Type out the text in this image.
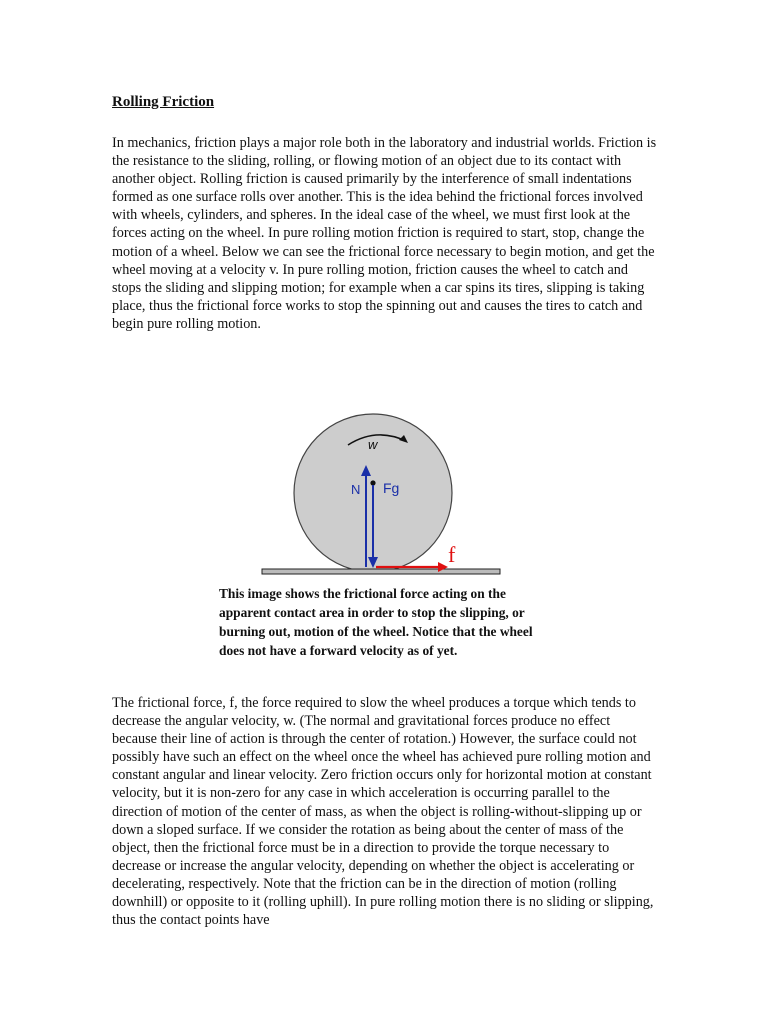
Rolling Friction

In mechanics, friction plays a major role both in the laboratory and industrial worlds. Friction is the resistance to the sliding, rolling, or flowing motion of an object due to its contact with another object. Rolling friction is caused primarily by the interference of small indentations formed as one surface rolls over another. This is the idea behind the frictional forces involved with wheels, cylinders, and spheres. In the ideal case of the wheel, we must first look at the forces acting on the wheel. In pure rolling motion friction is required to start, stop, change the motion of a wheel. Below we can see the frictional force necessary to begin motion, and get the wheel moving at a velocity v. In pure rolling motion, friction causes the wheel to catch and stops the sliding and slipping motion; for example when a car spins its tires, slipping is taking place, thus the frictional force works to stop the spinning out and causes the tires to catch and begin pure rolling motion.

w
N Fg
f

This image shows the frictional force acting on the apparent contact area in order to stop the slipping, or burning out, motion of the wheel. Notice that the wheel does not have a forward velocity as of yet.

The frictional force, f, the force required to slow the wheel produces a torque which tends to decrease the angular velocity, w. (The normal and gravitational forces produce no effect because their line of action is through the center of rotation.) However, the surface could not possibly have such an effect on the wheel once the wheel has achieved pure rolling motion and constant angular and linear velocity. Zero friction occurs only for horizontal motion at constant velocity, but it is non-zero for any case in which acceleration is occurring parallel to the direction of motion of the center of mass, as when the object is rolling-without-slipping up or down a sloped surface. If we consider the rotation as being about the center of mass of the object, then the frictional force must be in a direction to provide the torque necessary to decrease or increase the angular velocity, depending on whether the object is accelerating or decelerating, respectively. Note that the friction can be in the direction of motion (rolling downhill) or opposite to it (rolling uphill). In pure rolling motion there is no sliding or slipping, thus the contact points have
